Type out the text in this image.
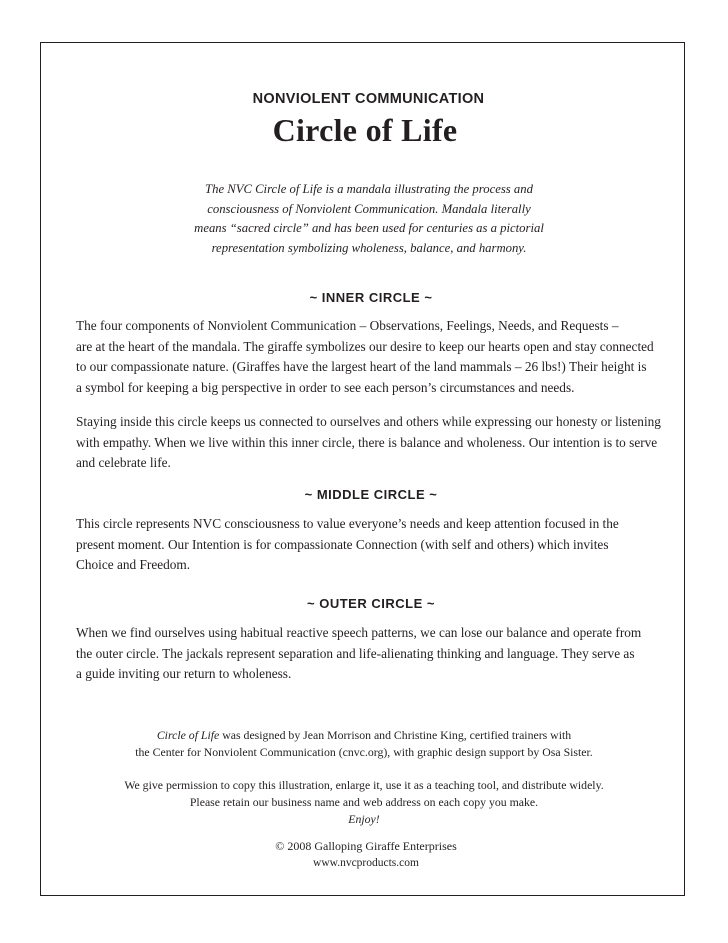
NONVIOLENT COMMUNICATION
Circle of Life
The NVC Circle of Life is a mandala illustrating the process and
consciousness of Nonviolent Communication. Mandala literally
means “sacred circle” and has been used for centuries as a pictorial
representation symbolizing wholeness, balance, and harmony.
~ INNER CIRCLE ~
The four components of Nonviolent Communication – Observations, Feelings, Needs, and Requests –
are at the heart of the mandala. The giraffe symbolizes our desire to keep our hearts open and stay connected
to our compassionate nature. (Giraffes have the largest heart of the land mammals – 26 lbs!) Their height is
a symbol for keeping a big perspective in order to see each person’s circumstances and needs.
Staying inside this circle keeps us connected to ourselves and others while expressing our honesty or listening
with empathy. When we live within this inner circle, there is balance and wholeness. Our intention is to serve
and celebrate life.
~ MIDDLE CIRCLE ~
This circle represents NVC consciousness to value everyone’s needs and keep attention focused in the
present moment. Our Intention is for compassionate Connection (with self and others) which invites
Choice and Freedom.
~ OUTER CIRCLE ~
When we find ourselves using habitual reactive speech patterns, we can lose our balance and operate from
the outer circle. The jackals represent separation and life-alienating thinking and language. They serve as
a guide inviting our return to wholeness.
Circle of Life was designed by Jean Morrison and Christine King, certified trainers with
the Center for Nonviolent Communication (cnvc.org), with graphic design support by Osa Sister.
We give permission to copy this illustration, enlarge it, use it as a teaching tool, and distribute widely.
Please retain our business name and web address on each copy you make.
Enjoy!
© 2008 Galloping Giraffe Enterprises
www.nvcproducts.com
